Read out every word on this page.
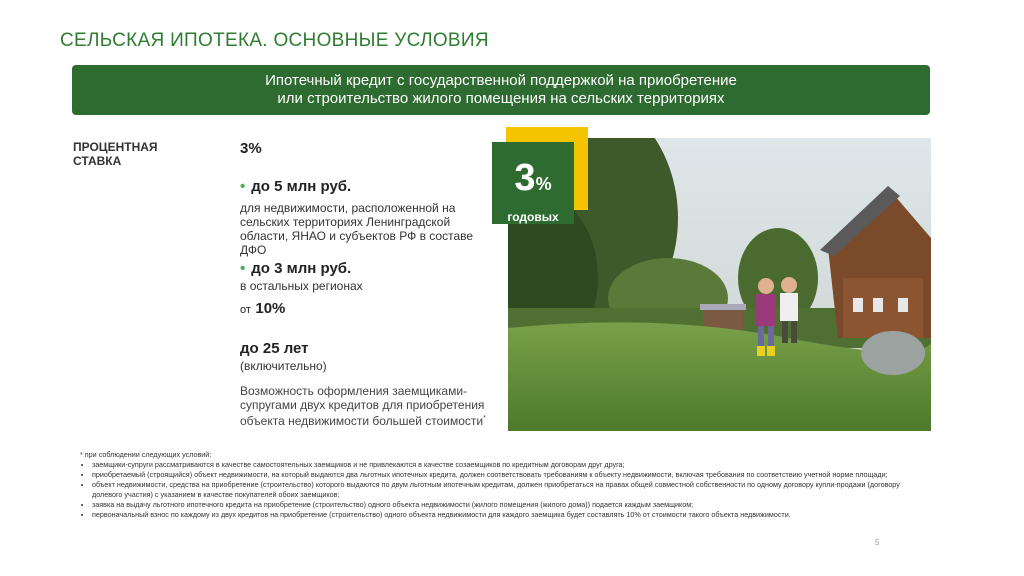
СЕЛЬСКАЯ ИПОТЕКА. ОСНОВНЫЕ УСЛОВИЯ
Ипотечный кредит с государственной поддержкой на приобретение
или строительство жилого помещения на сельских территориях
ПРОЦЕНТНАЯ СТАВКА
3%
• до 5 млн руб.
для недвижимости, расположенной на сельских территориях Ленинградской области, ЯНАО и субъектов РФ в составе ДФО
• до 3 млн руб.
в остальных регионах
от 10%
до 25 лет
(включительно)
Возможность оформления заемщиками-супругами двух кредитов для приобретения объекта недвижимости большей стоимости*
3%
годовых
* при соблюдении следующих условий:
• заемщики-супруги рассматриваются в качестве самостоятельных заемщиков и не привлекаются в качестве созаемщиков по кредитным договорам друг друга;
• приобретаемый (строящийся) объект недвижимости, на который выдаются два льготных ипотечных кредита, должен соответствовать требованиям к объекту недвижимости, включая требования по соответствию учетной норме площади;
• объект недвижимости, средства на приобретение (строительство) которого выдаются по двум льготным ипотечным кредитам, должен приобретаться на правах общей совместной собственности по одному договору купли-продажи (договору долевого участия) с указанием в качестве покупателей обоих заемщиков;
• заявка на выдачу льготного ипотечного кредита на приобретение (строительство) одного объекта недвижимости (жилого помещения (жилого дома)) подается каждым заемщиком;
• первоначальный взнос по каждому из двух кредитов на приобретение (строительство) одного объекта недвижимости для каждого заемщика будет составлять 10% от стоимости такого объекта недвижимости.
5
